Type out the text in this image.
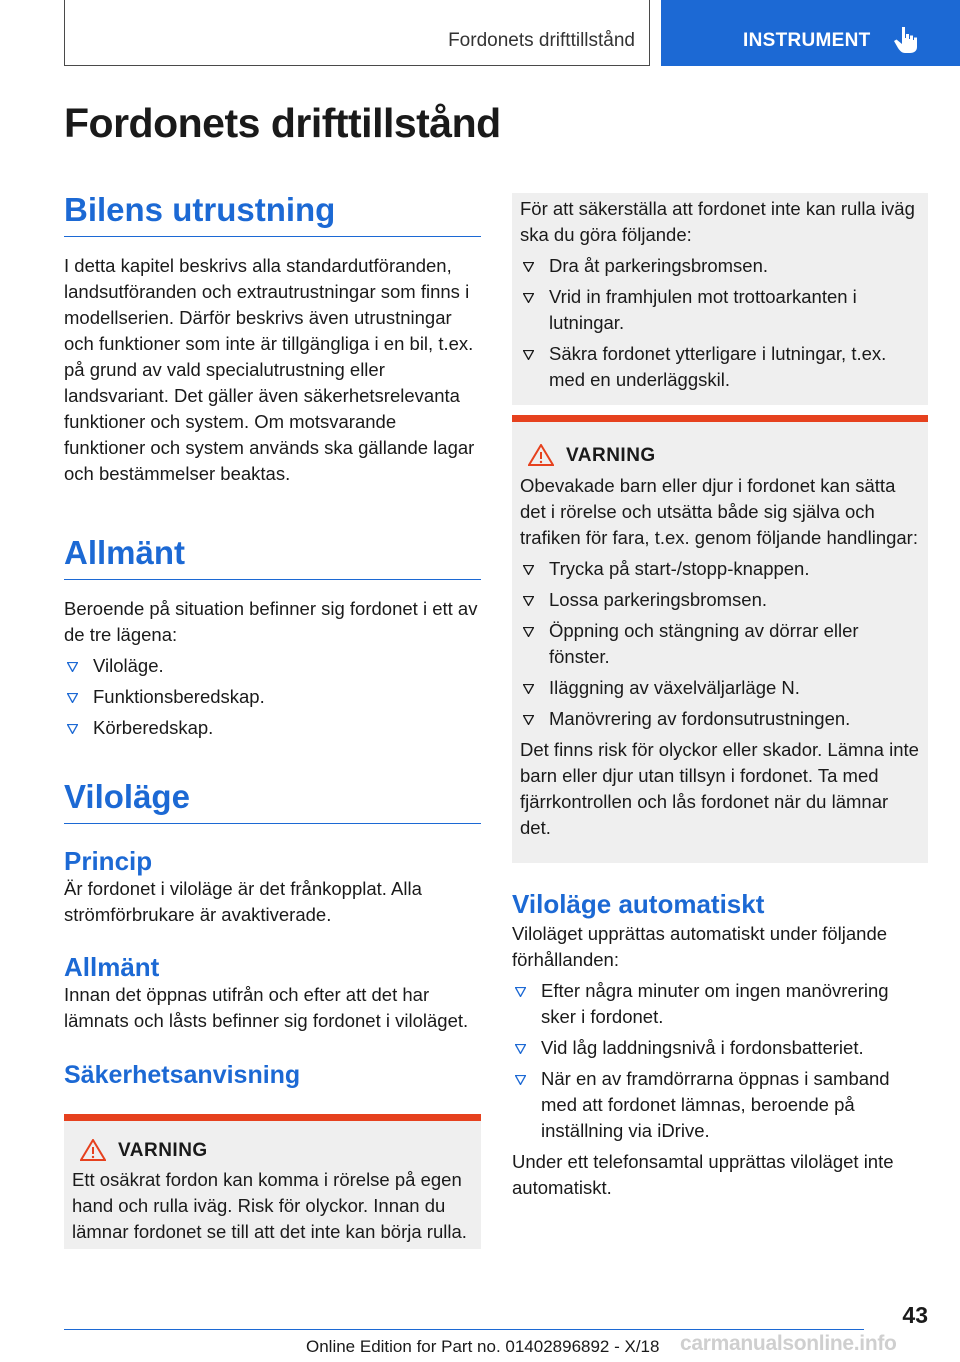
Fordonets drifttillstånd	INSTRUMENT
Fordonets drifttillstånd
Bilens utrustning

I detta kapitel beskrivs alla standardutföranden, landsutföranden och extrautrustningar som finns i modellserien. Därför beskrivs även utrustningar och funktioner som inte är tillgängliga i en bil, t.ex. på grund av vald specialutrustning eller landsvariant. Det gäller även säkerhetsrelevanta funktioner och system. Om motsvarande funktioner och system används ska gällande lagar och bestämmelser beaktas.

Allmänt

Beroende på situation befinner sig fordonet i ett av de tre lägena:

Viloläge.
Funktionsberedskap.
Körberedskap.
Viloläge
Princip

Är fordonet i viloläge är det frånkopplat. Alla strömförbrukare är avaktiverade.

Allmänt

Innan det öppnas utifrån och efter att det har lämnats och låsts befinner sig fordonet i viloläget.

Säkerhetsanvisning
VARNING

Ett osäkrat fordon kan komma i rörelse på egen hand och rulla iväg. Risk för olyckor. Innan du lämnar fordonet se till att det inte kan börja rulla.

För att säkerställa att fordonet inte kan rulla iväg ska du göra följande:

Dra åt parkeringsbromsen.
Vrid in framhjulen mot trottoarkanten i lutningar.
Säkra fordonet ytterligare i lutningar, t.ex. med en underläggskil.
VARNING

Obevakade barn eller djur i fordonet kan sätta det i rörelse och utsätta både sig själva och trafiken för fara, t.ex. genom följande handlingar:

Trycka på start-/stopp-knappen.
Lossa parkeringsbromsen.
Öppning och stängning av dörrar eller fönster.
Iläggning av växelväljarläge N.
Manövrering av fordonsutrustningen.

Det finns risk för olyckor eller skador. Lämna inte barn eller djur utan tillsyn i fordonet. Ta med fjärrkontrollen och lås fordonet när du lämnar det.

Viloläge automatiskt

Viloläget upprättas automatiskt under följande förhållanden:

Efter några minuter om ingen manövrering sker i fordonet.
Vid låg laddningsnivå i fordonsbatteriet.
När en av framdörrarna öppnas i samband med att fordonet lämnas, beroende på inställning via iDrive.

Under ett telefonsamtal upprättas viloläget inte automatiskt.

43
Online Edition for Part no. 01402896892 - X/18 carmanualsonline.info
